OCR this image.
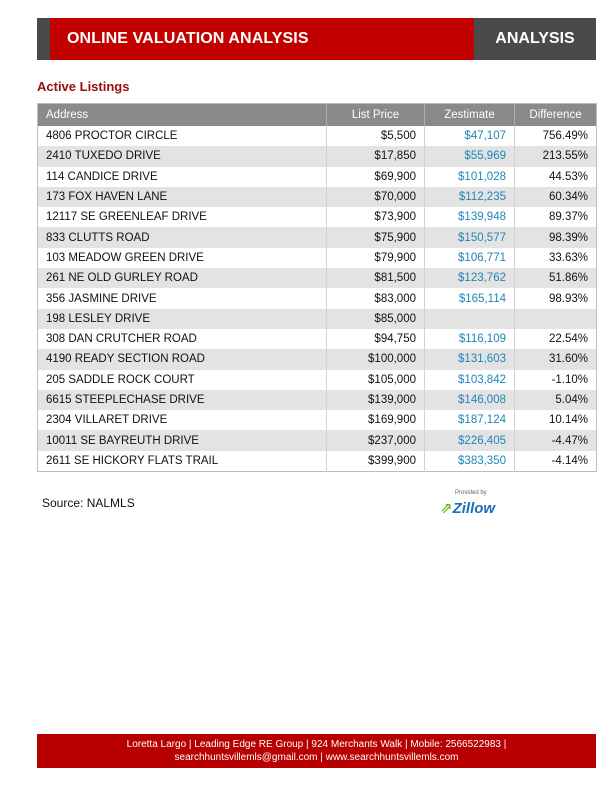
ONLINE VALUATION ANALYSIS	ANALYSIS
Active Listings
Address	List Price	Zestimate	Difference
4806 PROCTOR CIRCLE	$5,500	$47,107	756.49%
2410 TUXEDO DRIVE	$17,850	$55,969	213.55%
114 CANDICE DRIVE	$69,900	$101,028	44.53%
173 FOX HAVEN LANE	$70,000	$112,235	60.34%
12117 SE GREENLEAF DRIVE	$73,900	$139,948	89.37%
833 CLUTTS ROAD	$75,900	$150,577	98.39%
103 MEADOW GREEN DRIVE	$79,900	$106,771	33.63%
261 NE OLD GURLEY ROAD	$81,500	$123,762	51.86%
356 JASMINE DRIVE	$83,000	$165,114	98.93%
198 LESLEY DRIVE	$85,000		
308 DAN CRUTCHER ROAD	$94,750	$116,109	22.54%
4190 READY SECTION ROAD	$100,000	$131,603	31.60%
205 SADDLE ROCK COURT	$105,000	$103,842	-1.10%
6615 STEEPLECHASE DRIVE	$139,000	$146,008	5.04%
2304 VILLARET DRIVE	$169,900	$187,124	10.14%
10011 SE BAYREUTH DRIVE	$237,000	$226,405	-4.47%
2611 SE HICKORY FLATS TRAIL	$399,900	$383,350	-4.14%
Source: NALMLS
Provided by
⇗Zillow
Loretta Largo | Leading Edge RE Group | 924 Merchants Walk | Mobile: 2566522983 |
searchhuntsvillemls@gmail.com | www.searchhuntsvillemls.com
